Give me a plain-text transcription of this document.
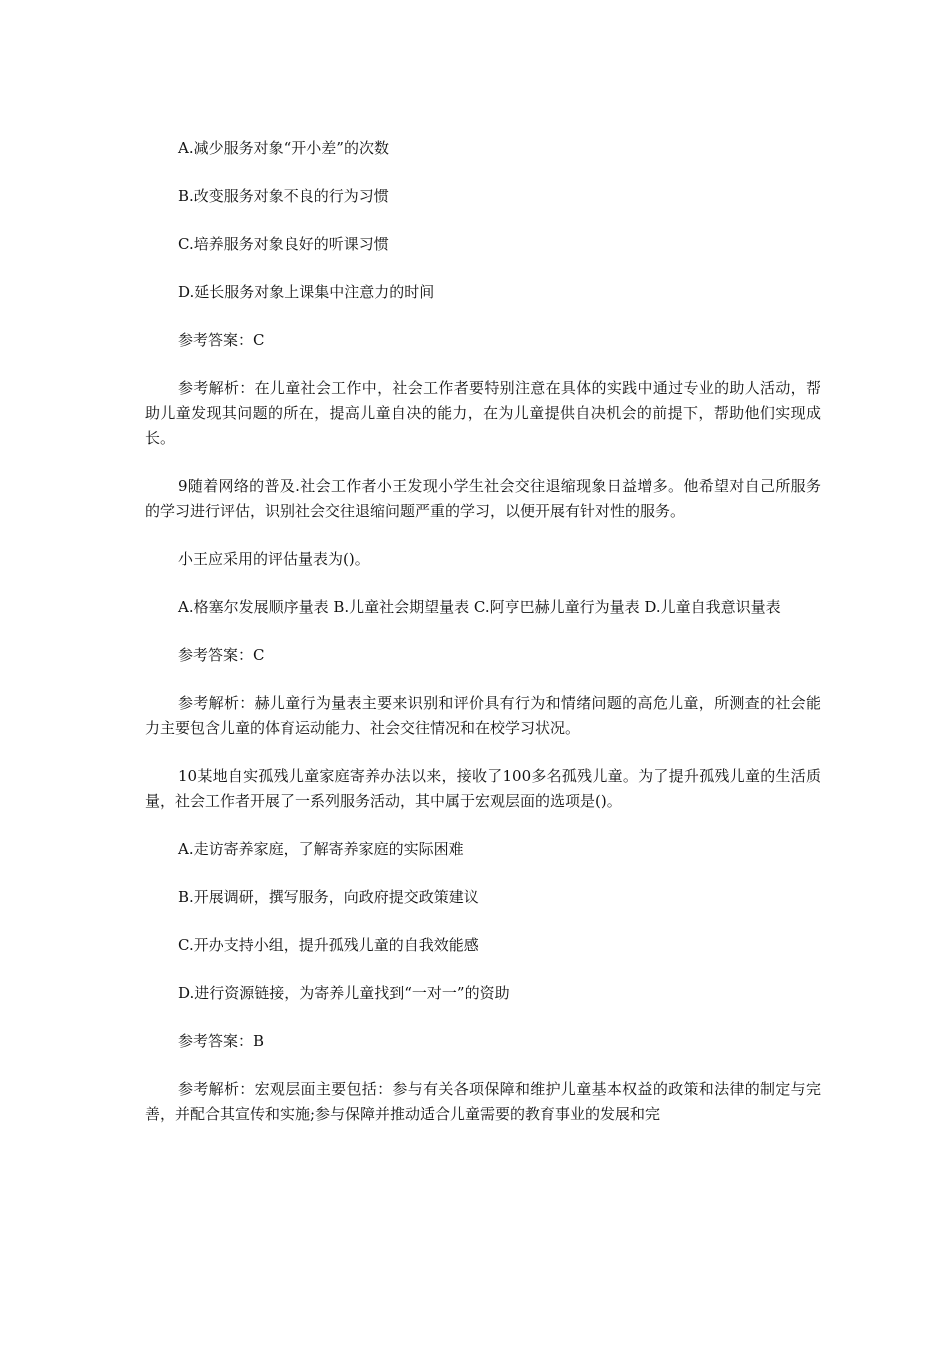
A.减少服务对象“开小差”的次数

B.改变服务对象不良的行为习惯

C.培养服务对象良好的听课习惯

D.延长服务对象上课集中注意力的时间

参考答案：C

参考解析：在儿童社会工作中，社会工作者要特别注意在具体的实践中通过专业的助人活动，帮助儿童发现其问题的所在，提高儿童自决的能力，在为儿童提供自决机会的前提下，帮助他们实现成长。

9随着网络的普及.社会工作者小王发现小学生社会交往退缩现象日益增多。他希望对自己所服务的学习进行评估，识别社会交往退缩问题严重的学习，以便开展有针对性的服务。

小王应采用的评估量表为()。

A.格塞尔发展顺序量表 B.儿童社会期望量表 C.阿亨巴赫儿童行为量表 D.儿童自我意识量表

参考答案：C

参考解析：赫儿童行为量表主要来识别和评价具有行为和情绪问题的高危儿童，所测查的社会能力主要包含儿童的体育运动能力、社会交往情况和在校学习状况。

10某地自实孤残儿童家庭寄养办法以来，接收了100多名孤残儿童。为了提升孤残儿童的生活质量，社会工作者开展了一系列服务活动，其中属于宏观层面的选项是()。

A.走访寄养家庭，了解寄养家庭的实际困难

B.开展调研，撰写服务，向政府提交政策建议

C.开办支持小组，提升孤残儿童的自我效能感

D.进行资源链接，为寄养儿童找到“一对一”的资助

参考答案：B

参考解析：宏观层面主要包括：参与有关各项保障和维护儿童基本权益的政策和法律的制定与完善，并配合其宣传和实施;参与保障并推动适合儿童需要的教育事业的发展和完
